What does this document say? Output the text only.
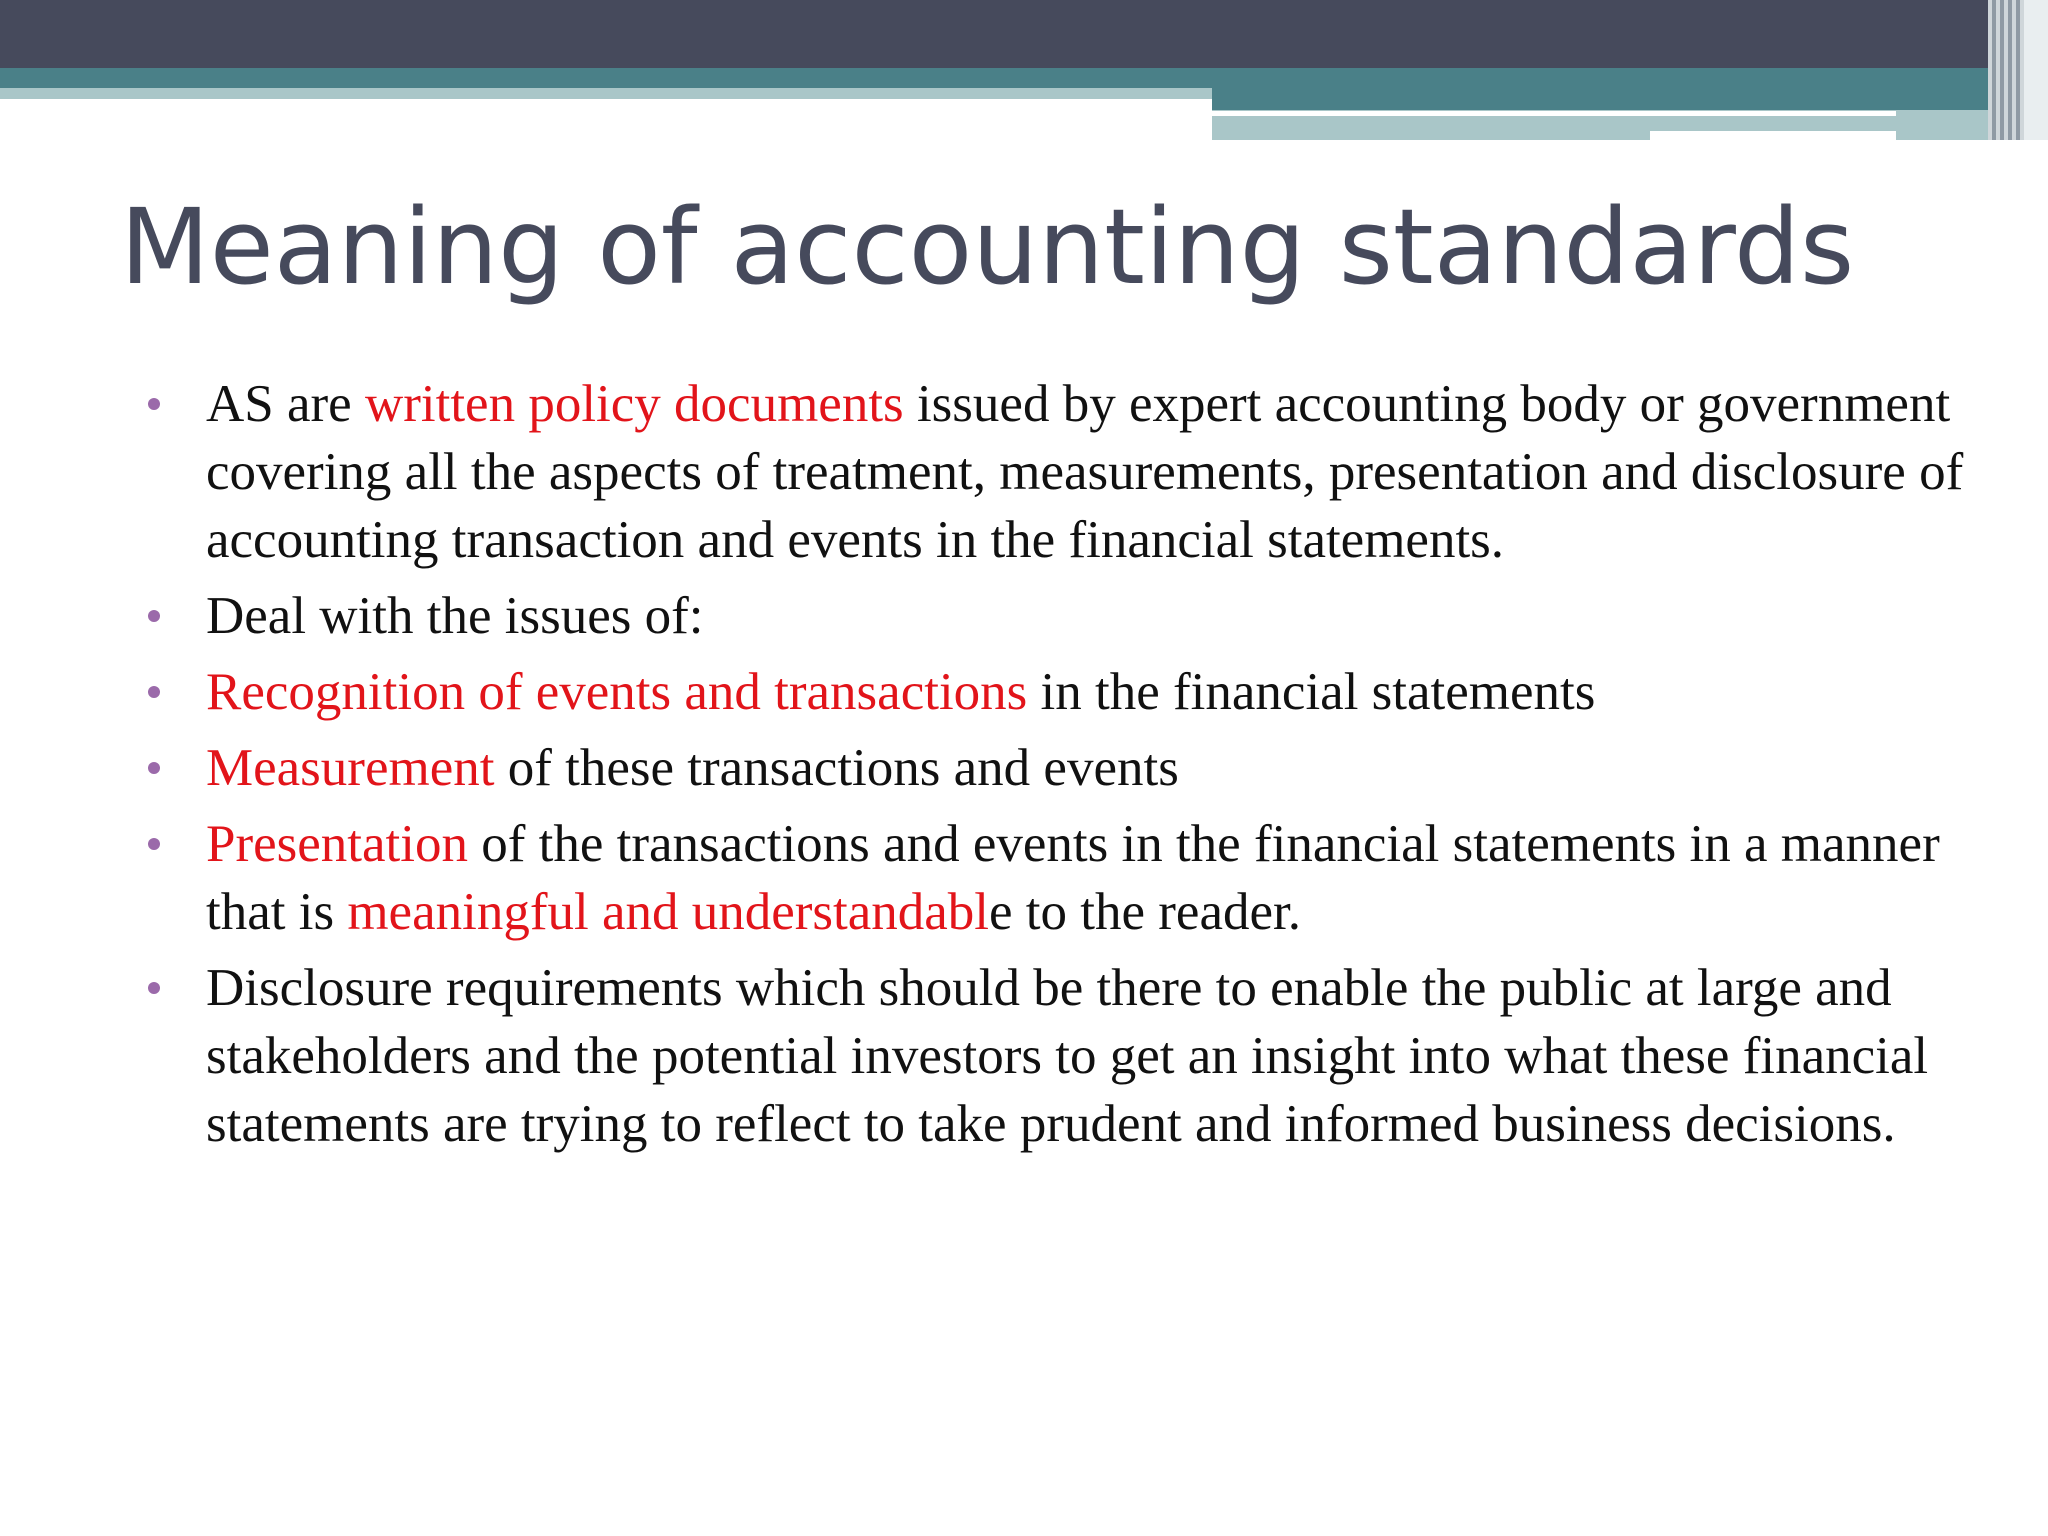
Meaning of accounting standards
AS are written policy documents issued by expert accounting body or government covering all the aspects of treatment, measurements, presentation and disclosure of accounting transaction and events in the financial statements.
Deal with the issues of:
Recognition of events and transactions in the financial statements
Measurement of these transactions and events
Presentation of the transactions and events in the financial statements in a manner that is meaningful and understandable to the reader.
Disclosure requirements which should be there to enable the public at large and stakeholders and the potential investors to get an insight into what these financial statements are trying to reflect to take prudent and informed business decisions.
